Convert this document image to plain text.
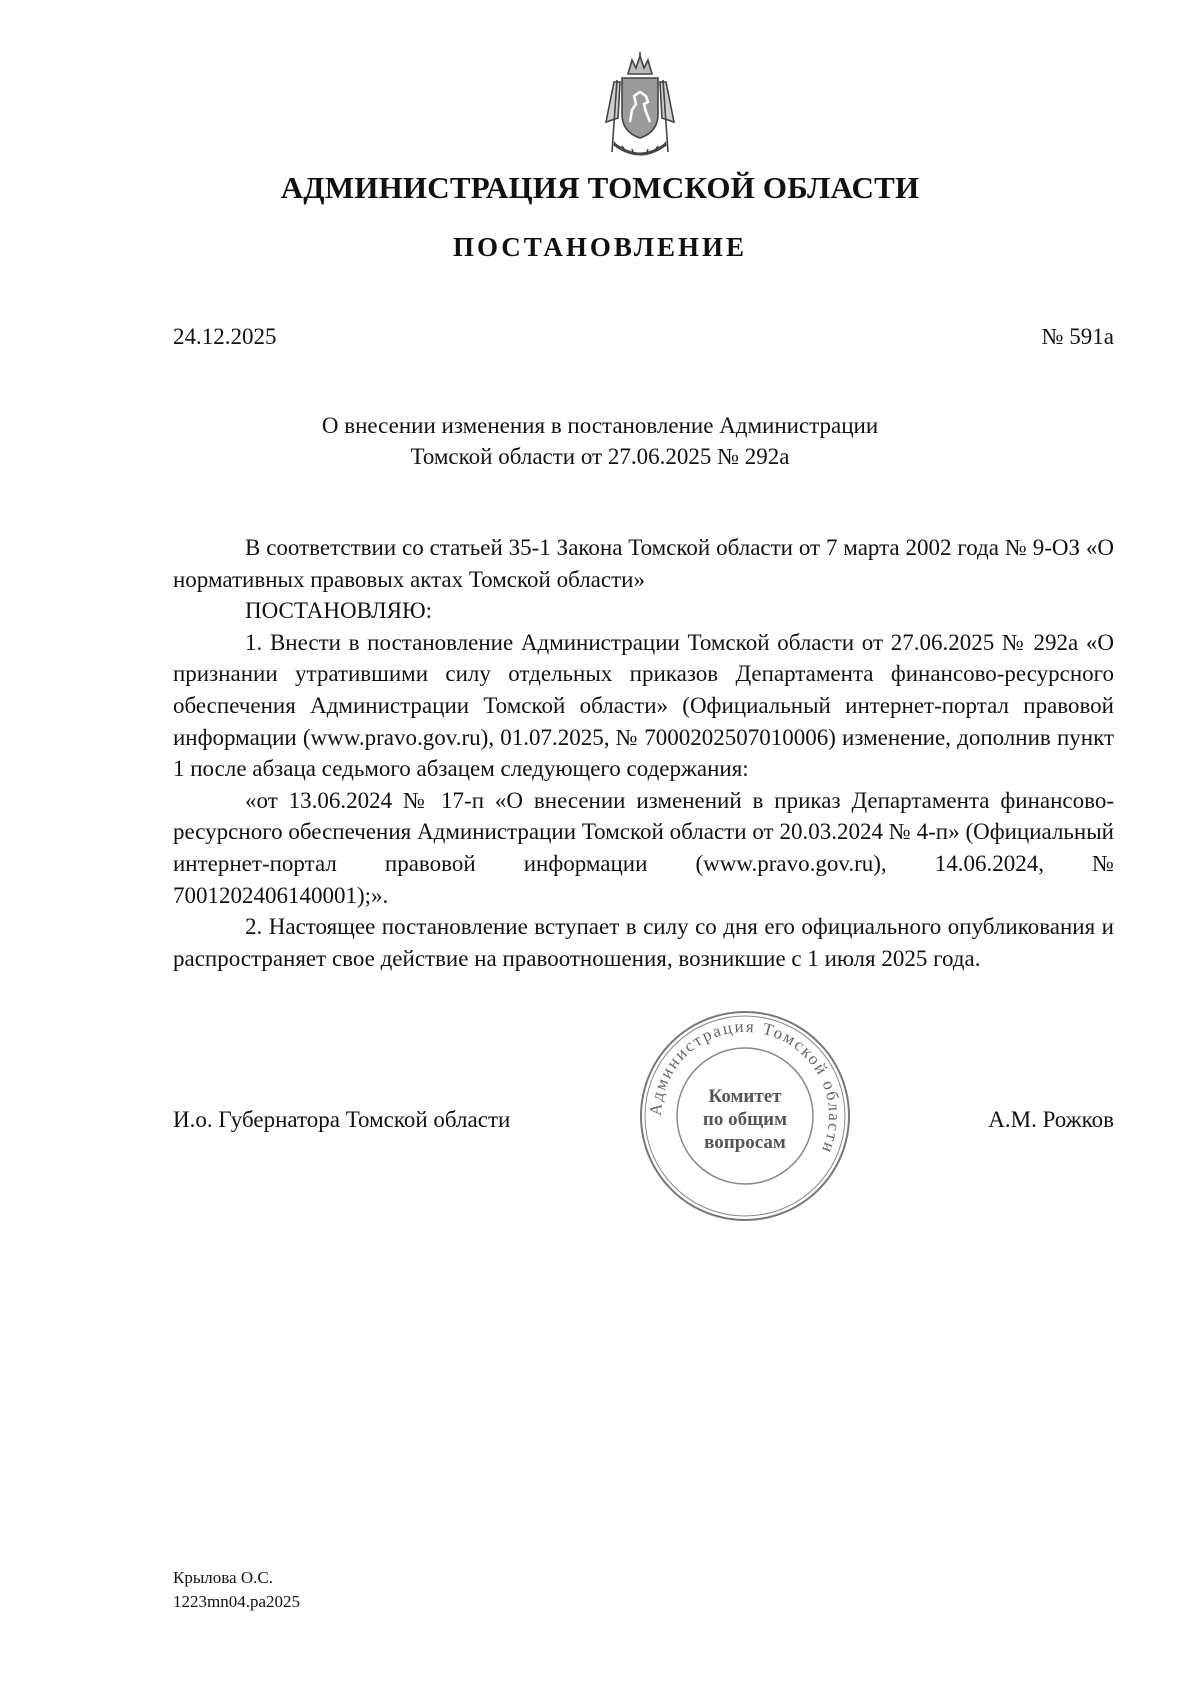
АДМИНИСТРАЦИЯ ТОМСКОЙ ОБЛАСТИ
ПОСТАНОВЛЕНИЕ
24.12.2025	№ 591а
О внесении изменения в постановление Администрации
Томской области от 27.06.2025 № 292а

В соответствии со статьей 35-1 Закона Томской области от 7 марта 2002 года № 9-ОЗ «О нормативных правовых актах Томской области»

ПОСТАНОВЛЯЮ:

1. Внести в постановление Администрации Томской области от 27.06.2025 № 292а «О признании утратившими силу отдельных приказов Департамента финансово-ресурсного обеспечения Администрации Томской области» (Официальный интернет-портал правовой информации (www.pravo.gov.ru), 01.07.2025, № 7000202507010006) изменение, дополнив пункт 1 после абзаца седьмого абзацем следующего содержания:

«от 13.06.2024 № 17-п «О внесении изменений в приказ Департамента финансово-ресурсного обеспечения Администрации Томской области от 20.03.2024 № 4-п» (Официальный интернет-портал правовой информации (www.pravo.gov.ru), 14.06.2024, № 7001202406140001);».

2. Настоящее постановление вступает в силу со дня его официального опубликования и распространяет свое действие на правоотношения, возникшие с 1 июля 2025 года.

И.о. Губернатора Томской области	А.М. Рожков
Администрация Томской области
Комитет
по общим
вопросам
Крылова О.С.
1223mn04.pa2025
